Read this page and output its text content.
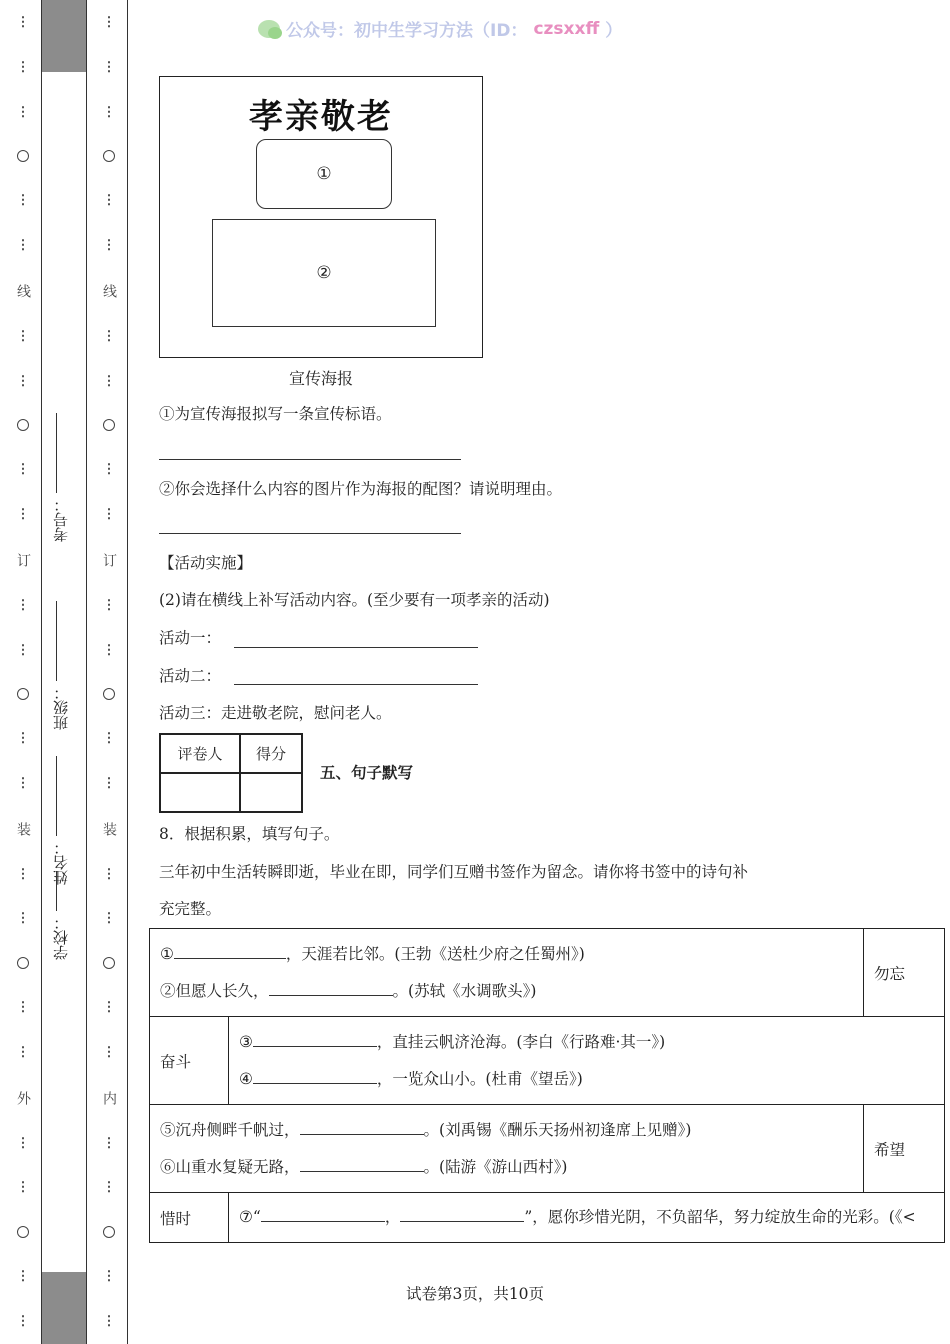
⋮
⋮
⋮
⋮
⋮
线
⋮
⋮
⋮
⋮
订
⋮
⋮
⋮
⋮
装
⋮
⋮
⋮
⋮
外
⋮
⋮
⋮
⋮
⋮
⋮
⋮
⋮
⋮
线
⋮
⋮
⋮
⋮
订
⋮
⋮
⋮
⋮
装
⋮
⋮
⋮
⋮
内
⋮
⋮
⋮
⋮
考号：
班级：
姓名：
学校：
公众号：初中生学习方法（ID： czsxxff ）
孝亲敬老
①
②
宣传海报
①为宣传海报拟写一条宣传标语。
②你会选择什么内容的图片作为海报的配图？请说明理由。
【活动实施】
(2)请在横线上补写活动内容。(至少要有一项孝亲的活动)
活动一：
活动二：
活动三：走进敬老院，慰问老人。
评卷人	得分

五、句子默写
8．根据积累，填写句子。
三年初中生活转瞬即逝，毕业在即，同学们互赠书签作为留念。请你将书签中的诗句补
充完整。
① ，天涯若比邻。(王勃《送杜少府之任蜀州》)
②但愿人长久， 。(苏轼《水调歌头》)		勿忘
奋斗	③ ，直挂云帆济沧海。(李白《行路难·其一》)
④ ，一览众山小。(杜甫《望岳》)	

⑤沉舟侧畔千帆过， 。(刘禹锡《酬乐天扬州初逢席上见赠》)
⑥山重水复疑无路， 。(陆游《游山西村》)		希望
惜时	⑦“ ， ”，愿你珍惜光阴，不负韶华，努力绽放生命的光彩。(《<	
试卷第3页，共10页
